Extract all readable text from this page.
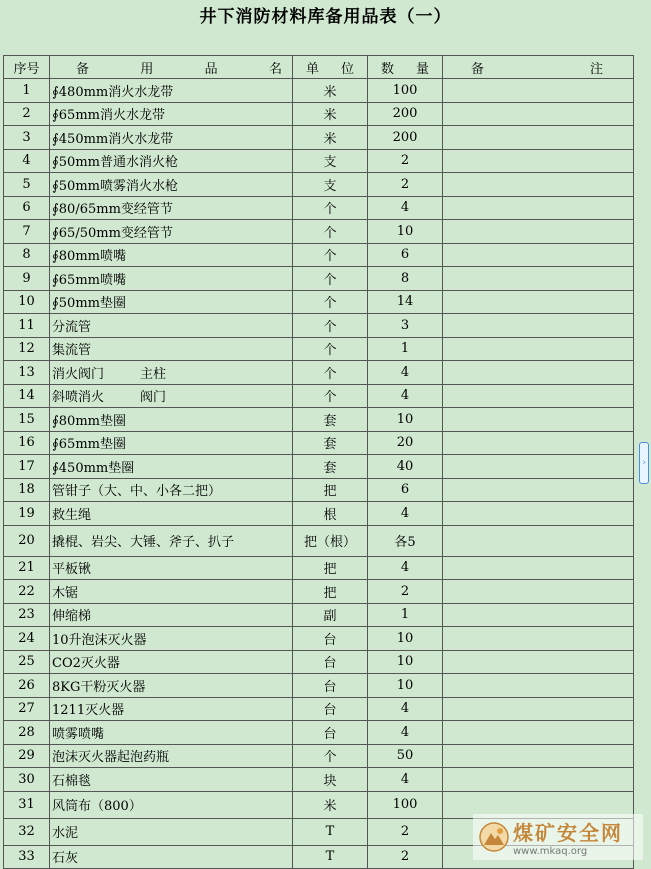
井下消防材料库备用品表（一）
序号	备 用 品 名	单 位	数 量	备 注

1	∮480mm消火水龙带	米	100	
2	∮65mm消火水龙带	米	200	
3	∮450mm消火水龙带	米	200	
4	∮50mm普通水消火枪	支	2	
5	∮50mm喷雾消火水枪	支	2	
6	∮80/65mm变经管节	个	4	
7	∮65/50mm变经管节	个	10	
8	∮80mm喷嘴	个	6	
9	∮65mm喷嘴	个	8	
10	∮50mm垫圈	个	14	
11	分流管	个	3	
12	集流管	个	1	
13	消火阀门 主柱	个	4	
14	斜喷消火 阀门	个	4	
15	∮80mm垫圈	套	10	
16	∮65mm垫圈	套	20	
17	∮450mm垫圈	套	40	
18	管钳子（大、中、小各二把）	把	6	
19	救生绳	根	4	
20	撬棍、岩尖、大锤、斧子、扒子	把（根）	各5	
21	平板锹	把	4	
22	木锯	把	2	
23	伸缩梯	副	1	
24	10升泡沫灭火器	台	10	
25	CO2灭火器	台	10	
26	8KG干粉灭火器	台	10	
27	1211灭火器	台	4	
28	喷雾喷嘴	台	4	
29	泡沫灭火器起泡药瓶	个	50	
30	石棉毯	块	4	
31	风筒布（800）	米	100	
32	水泥	T	2	
33	石灰	T	2	
›
煤矿安全网
www.mkaq.org
